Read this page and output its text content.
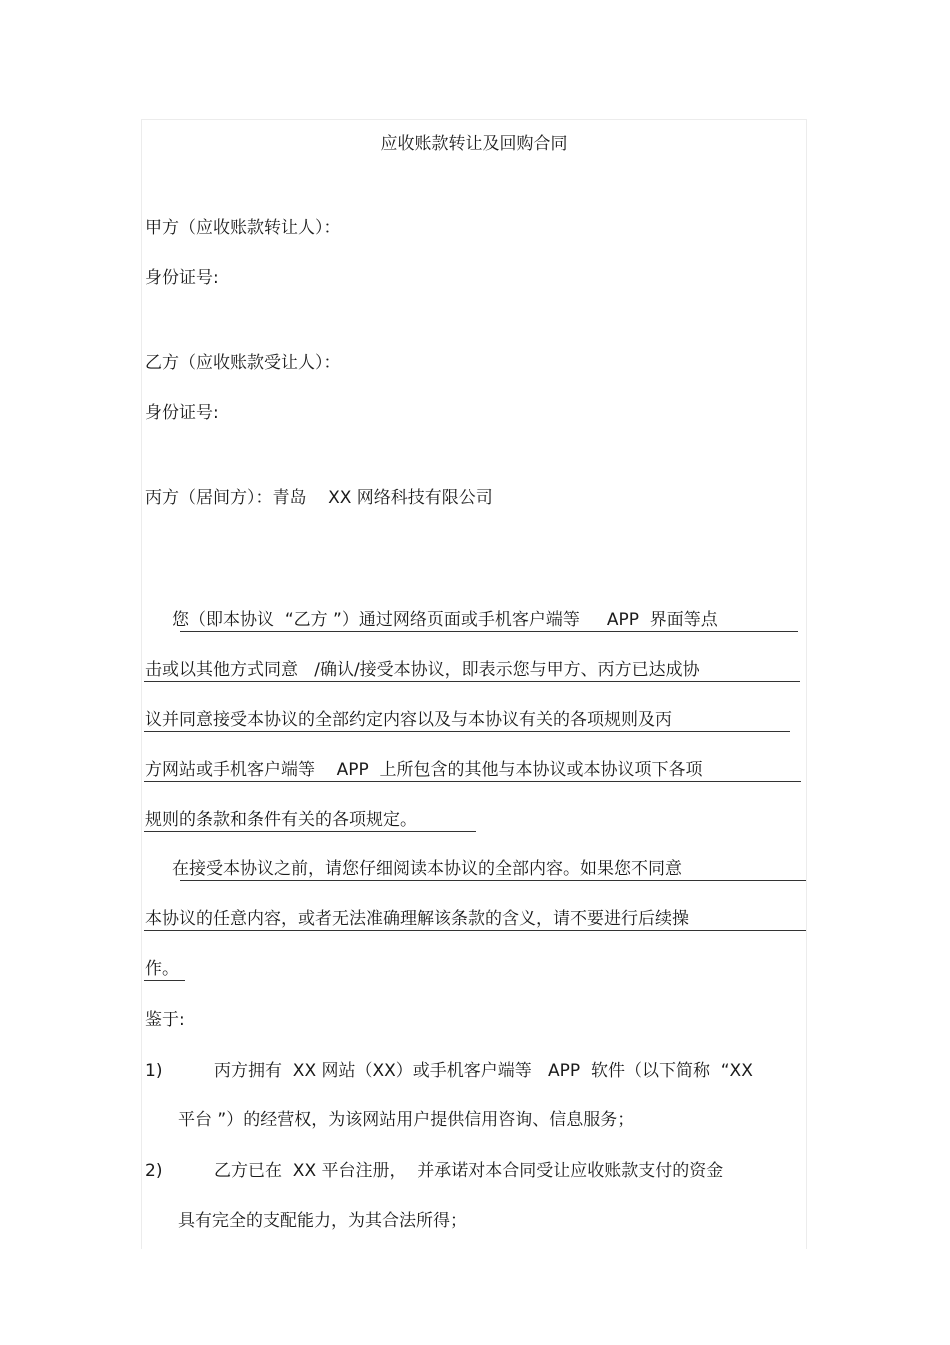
应收账款转让及回购合同
甲方（应收账款转让人）：
身份证号:
乙方（应收账款受让人）：
身份证号:
丙方（居间方）：青岛    XX 网络科技有限公司
您（即本协议  “乙方 ”）通过网络页面或手机客户端等     APP  界面等点
击或以其他方式同意   /确认/接受本协议，即表示您与甲方、丙方已达成协
议并同意接受本协议的全部约定内容以及与本协议有关的各项规则及丙
方网站或手机客户端等    APP  上所包含的其他与本协议或本协议项下各项
规则的条款和条件有关的各项规定。
在接受本协议之前，请您仔细阅读本协议的全部内容。如果您不同意
本协议的任意内容，或者无法准确理解该条款的含义，请不要进行后续操
作。
鉴于:
1)	丙方拥有  XX 网站（XX）或手机客户端等   APP  软件（以下简称  “XX
平台 ”）的经营权，为该网站用户提供信用咨询、信息服务；
2)	乙方已在  XX 平台注册，  并承诺对本合同受让应收账款支付的资金
具有完全的支配能力，为其合法所得；
